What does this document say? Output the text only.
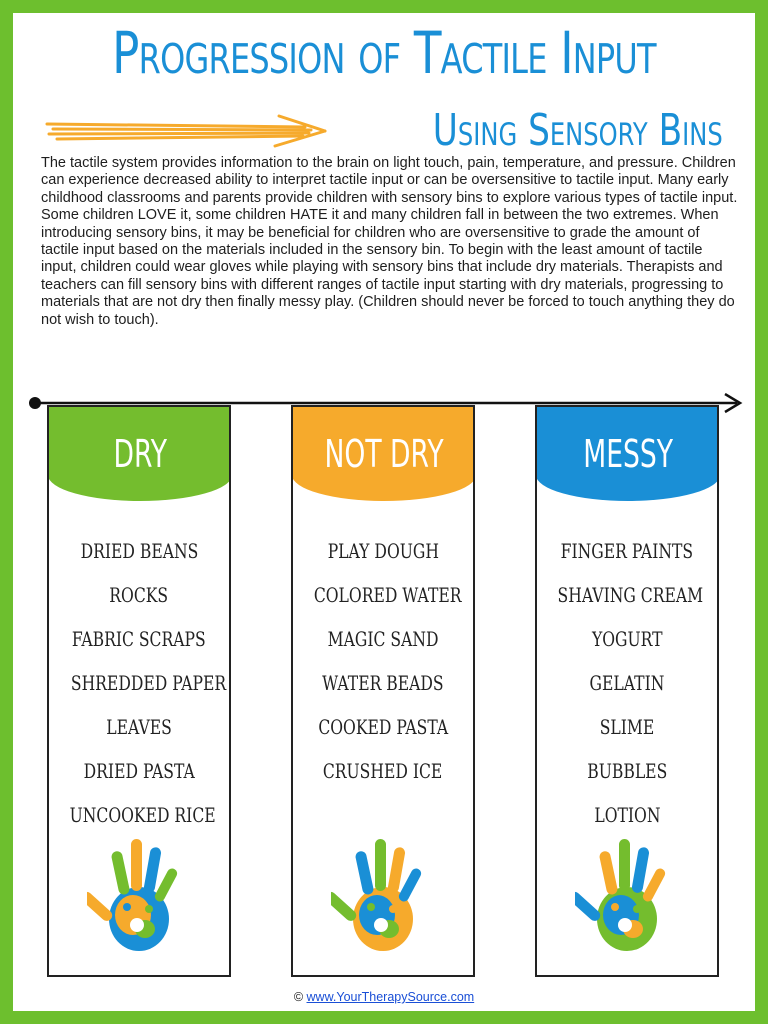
Progression of Tactile Input
Using Sensory Bins

The tactile system provides information to the brain on light touch, pain, temperature, and pressure. Children can experience decreased ability to interpret tactile input or can be oversensitive to tactile input. Many early childhood classrooms and parents provide children with sensory bins to explore various types of tactile input. Some children LOVE it, some children HATE it and many children fall in between the two extremes. When introducing sensory bins, it may be beneficial for children who are oversensitive to grade the amount of tactile input based on the materials included in the sensory bin. To begin with the least amount of tactile input, children could wear gloves while playing with sensory bins that include dry materials. Therapists and teachers can fill sensory bins with different ranges of tactile input starting with dry materials, progressing to materials that are not dry then finally messy play. (Children should never be forced to touch anything they do not wish to touch).

DRY
DRIED BEANS
ROCKS
FABRIC SCRAPS
SHREDDED PAPER
LEAVES
DRIED PASTA
UNCOOKED RICE
NOT DRY
PLAY DOUGH
COLORED WATER
MAGIC SAND
WATER BEADS
COOKED PASTA
CRUSHED ICE
MESSY
FINGER PAINTS
SHAVING CREAM
YOGURT
GELATIN
SLIME
BUBBLES
LOTION
© www.YourTherapySource.com
